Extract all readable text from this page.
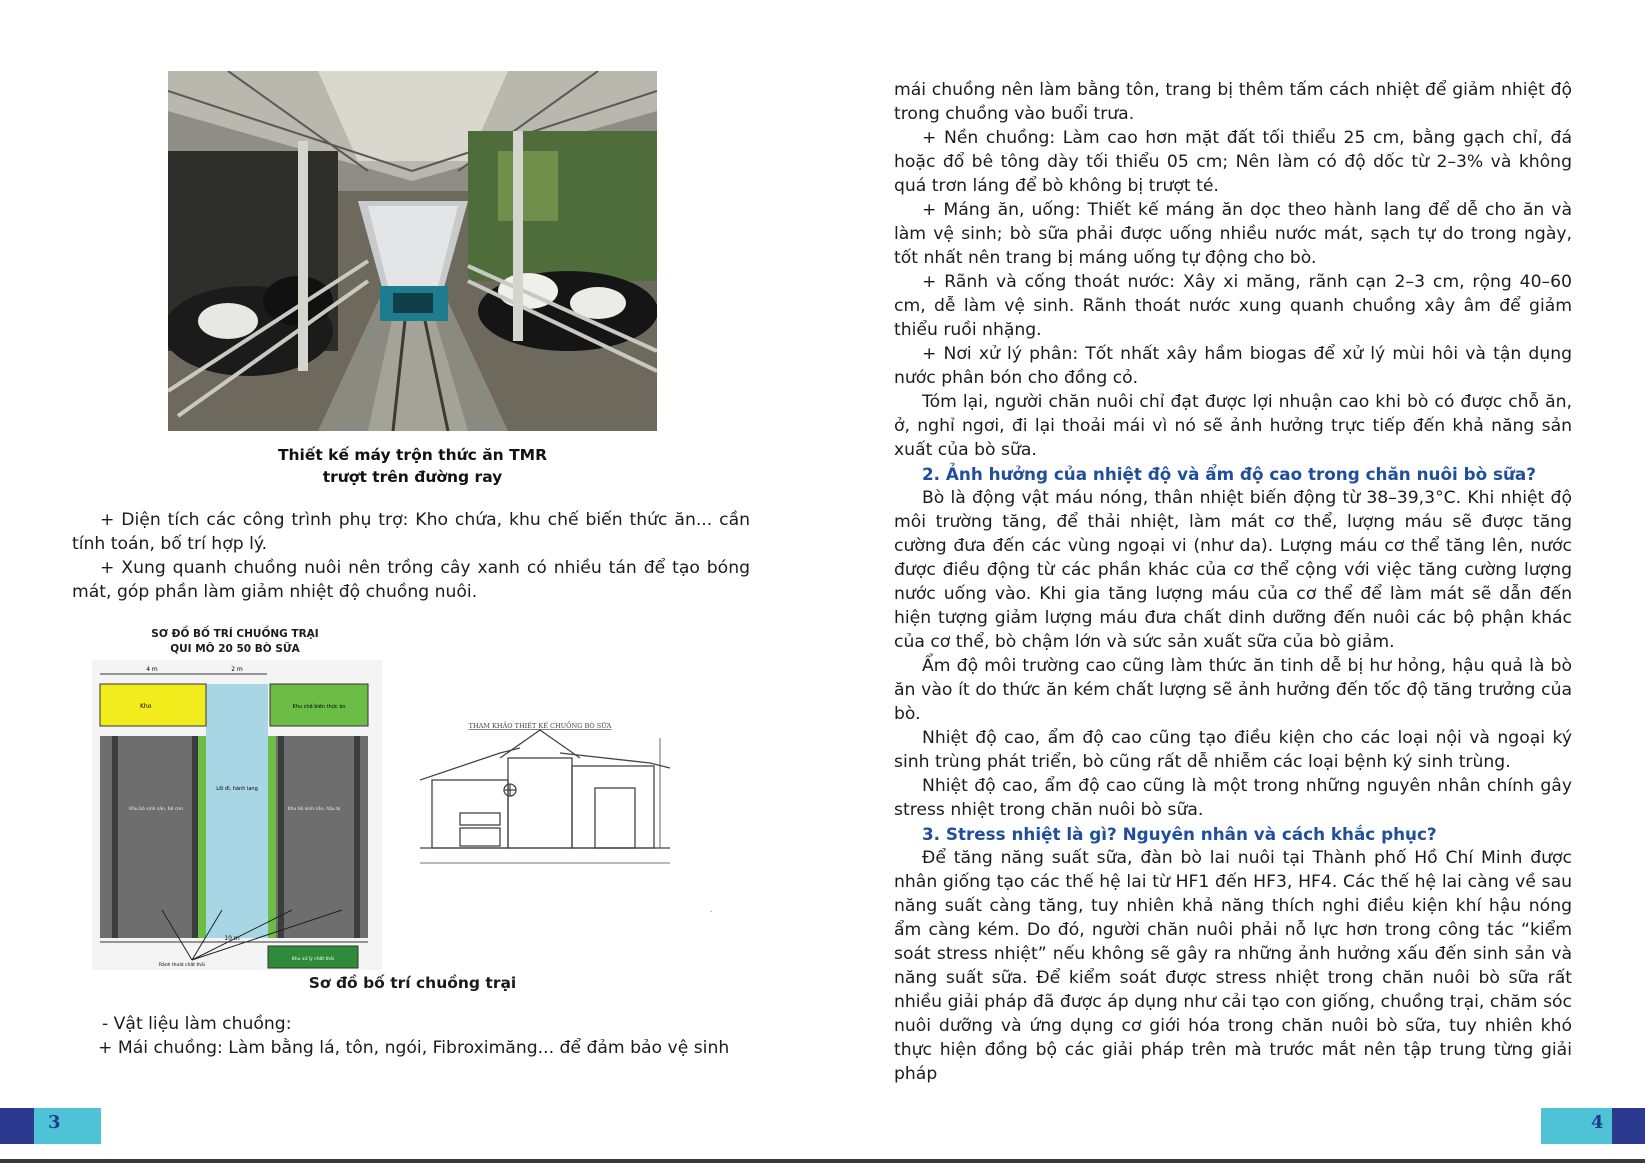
Thiết kế máy trộn thức ăn TMR
trượt trên đường ray

+ Diện tích các công trình phụ trợ: Kho chứa, khu chế biến thức ăn... cần tính toán, bố trí hợp lý.

+ Xung quanh chuồng nuôi nên trồng cây xanh có nhiều tán để tạo bóng mát, góp phần làm giảm nhiệt độ chuồng nuôi.

SƠ ĐỒ BỐ TRÍ CHUỒNG TRẠI
QUI MÔ 20 50 BÒ SỮA
4 m	2 m
Kho	Khu chế biến thức ăn
Lối đi, hành lang
Khu bò sinh sản, bê con	Khu bò sinh sản, hậu bị
10 m
Khu xử lý chất thải
Rãnh thoát chất thải
THAM KHẢO THIẾT KẾ CHUỒNG BÒ SỮA
-
Sơ đồ bố trí chuồng trại

- Vật liệu làm chuồng:

+ Mái chuồng: Làm bằng lá, tôn, ngói, Fibroximăng... để đảm bảo vệ sinh

mái chuồng nên làm bằng tôn, trang bị thêm tấm cách nhiệt để giảm nhiệt độ trong chuồng vào buổi trưa.

+ Nền chuồng: Làm cao hơn mặt đất tối thiểu 25 cm, bằng gạch chỉ, đá hoặc đổ bê tông dày tối thiểu 05 cm; Nên làm có độ dốc từ 2–3% và không quá trơn láng để bò không bị trượt té.

+ Máng ăn, uống: Thiết kế máng ăn dọc theo hành lang để dễ cho ăn và làm vệ sinh; bò sữa phải được uống nhiều nước mát, sạch tự do trong ngày, tốt nhất nên trang bị máng uống tự động cho bò.

+ Rãnh và cống thoát nước: Xây xi măng, rãnh cạn 2–3 cm, rộng 40–60 cm, dễ làm vệ sinh. Rãnh thoát nước xung quanh chuồng xây âm để giảm thiểu ruồi nhặng.

+ Nơi xử lý phân: Tốt nhất xây hầm biogas để xử lý mùi hôi và tận dụng nước phân bón cho đồng cỏ.

Tóm lại, người chăn nuôi chỉ đạt được lợi nhuận cao khi bò có được chỗ ăn, ở, nghỉ ngơi, đi lại thoải mái vì nó sẽ ảnh hưởng trực tiếp đến khả năng sản xuất của bò sữa.

2. Ảnh hưởng của nhiệt độ và ẩm độ cao trong chăn nuôi bò sữa?

Bò là động vật máu nóng, thân nhiệt biến động từ 38–39,3°C. Khi nhiệt độ môi trường tăng, để thải nhiệt, làm mát cơ thể, lượng máu sẽ được tăng cường đưa đến các vùng ngoại vi (như da). Lượng máu cơ thể tăng lên, nước được điều động từ các phần khác của cơ thể cộng với việc tăng cường lượng nước uống vào. Khi gia tăng lượng máu của cơ thể để làm mát sẽ dẫn đến hiện tượng giảm lượng máu đưa chất dinh dưỡng đến nuôi các bộ phận khác của cơ thể, bò chậm lớn và sức sản xuất sữa của bò giảm.

Ẩm độ môi trường cao cũng làm thức ăn tinh dễ bị hư hỏng, hậu quả là bò ăn vào ít do thức ăn kém chất lượng sẽ ảnh hưởng đến tốc độ tăng trưởng của bò.

Nhiệt độ cao, ẩm độ cao cũng tạo điều kiện cho các loại nội và ngoại ký sinh trùng phát triển, bò cũng rất dễ nhiễm các loại bệnh ký sinh trùng.

Nhiệt độ cao, ẩm độ cao cũng là một trong những nguyên nhân chính gây stress nhiệt trong chăn nuôi bò sữa.

3. Stress nhiệt là gì? Nguyên nhân và cách khắc phục?

Để tăng năng suất sữa, đàn bò lai nuôi tại Thành phố Hồ Chí Minh được nhân giống tạo các thế hệ lai từ HF1 đến HF3, HF4. Các thế hệ lai càng về sau năng suất càng tăng, tuy nhiên khả năng thích nghi điều kiện khí hậu nóng ẩm càng kém. Do đó, người chăn nuôi phải nỗ lực hơn trong công tác “kiểm soát stress nhiệt” nếu không sẽ gây ra những ảnh hưởng xấu đến sinh sản và năng suất sữa. Để kiểm soát được stress nhiệt trong chăn nuôi bò sữa rất nhiều giải pháp đã được áp dụng như cải tạo con giống, chuồng trại, chăm sóc nuôi dưỡng và ứng dụng cơ giới hóa trong chăn nuôi bò sữa, tuy nhiên khó thực hiện đồng bộ các giải pháp trên mà trước mắt nên tập trung từng giải pháp

3	4
